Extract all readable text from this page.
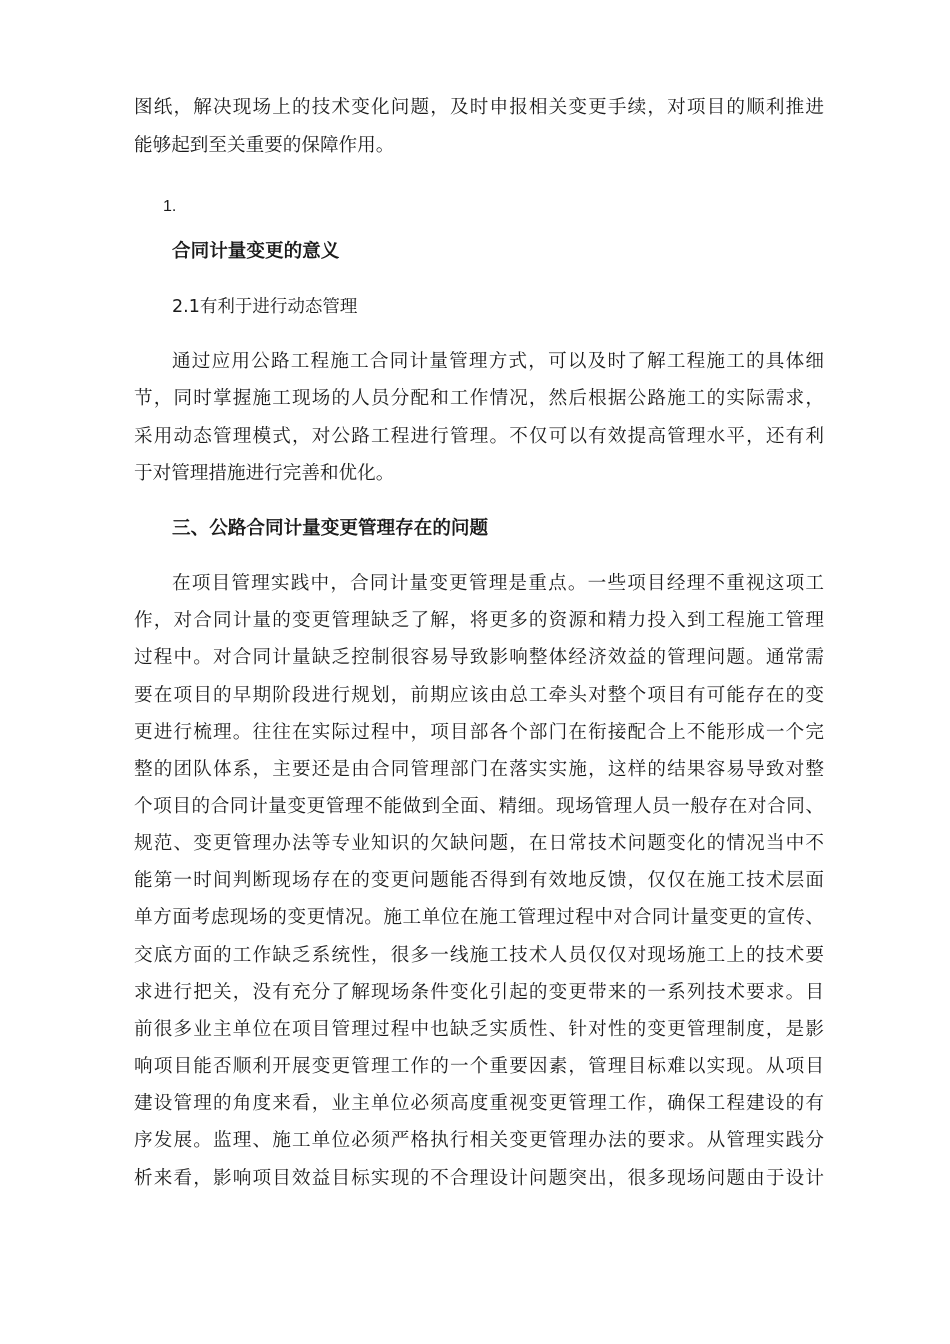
图纸，解决现场上的技术变化问题，及时申报相关变更手续，对项目的顺利推进
能够起到至关重要的保障作用。
1.
合同计量变更的意义
2.1有利于进行动态管理
通过应用公路工程施工合同计量管理方式，可以及时了解工程施工的具体细
节，同时掌握施工现场的人员分配和工作情况，然后根据公路施工的实际需求，
采用动态管理模式，对公路工程进行管理。不仅可以有效提高管理水平，还有利
于对管理措施进行完善和优化。
三、公路合同计量变更管理存在的问题
在项目管理实践中，合同计量变更管理是重点。一些项目经理不重视这项工
作，对合同计量的变更管理缺乏了解，将更多的资源和精力投入到工程施工管理
过程中。对合同计量缺乏控制很容易导致影响整体经济效益的管理问题。通常需
要在项目的早期阶段进行规划，前期应该由总工牵头对整个项目有可能存在的变
更进行梳理。往往在实际过程中，项目部各个部门在衔接配合上不能形成一个完
整的团队体系，主要还是由合同管理部门在落实实施，这样的结果容易导致对整
个项目的合同计量变更管理不能做到全面、精细。现场管理人员一般存在对合同、
规范、变更管理办法等专业知识的欠缺问题，在日常技术问题变化的情况当中不
能第一时间判断现场存在的变更问题能否得到有效地反馈，仅仅在施工技术层面
单方面考虑现场的变更情况。施工单位在施工管理过程中对合同计量变更的宣传、
交底方面的工作缺乏系统性，很多一线施工技术人员仅仅对现场施工上的技术要
求进行把关，没有充分了解现场条件变化引起的变更带来的一系列技术要求。目
前很多业主单位在项目管理过程中也缺乏实质性、针对性的变更管理制度，是影
响项目能否顺利开展变更管理工作的一个重要因素，管理目标难以实现。从项目
建设管理的角度来看，业主单位必须高度重视变更管理工作，确保工程建设的有
序发展。监理、施工单位必须严格执行相关变更管理办法的要求。从管理实践分
析来看，影响项目效益目标实现的不合理设计问题突出，很多现场问题由于设计
